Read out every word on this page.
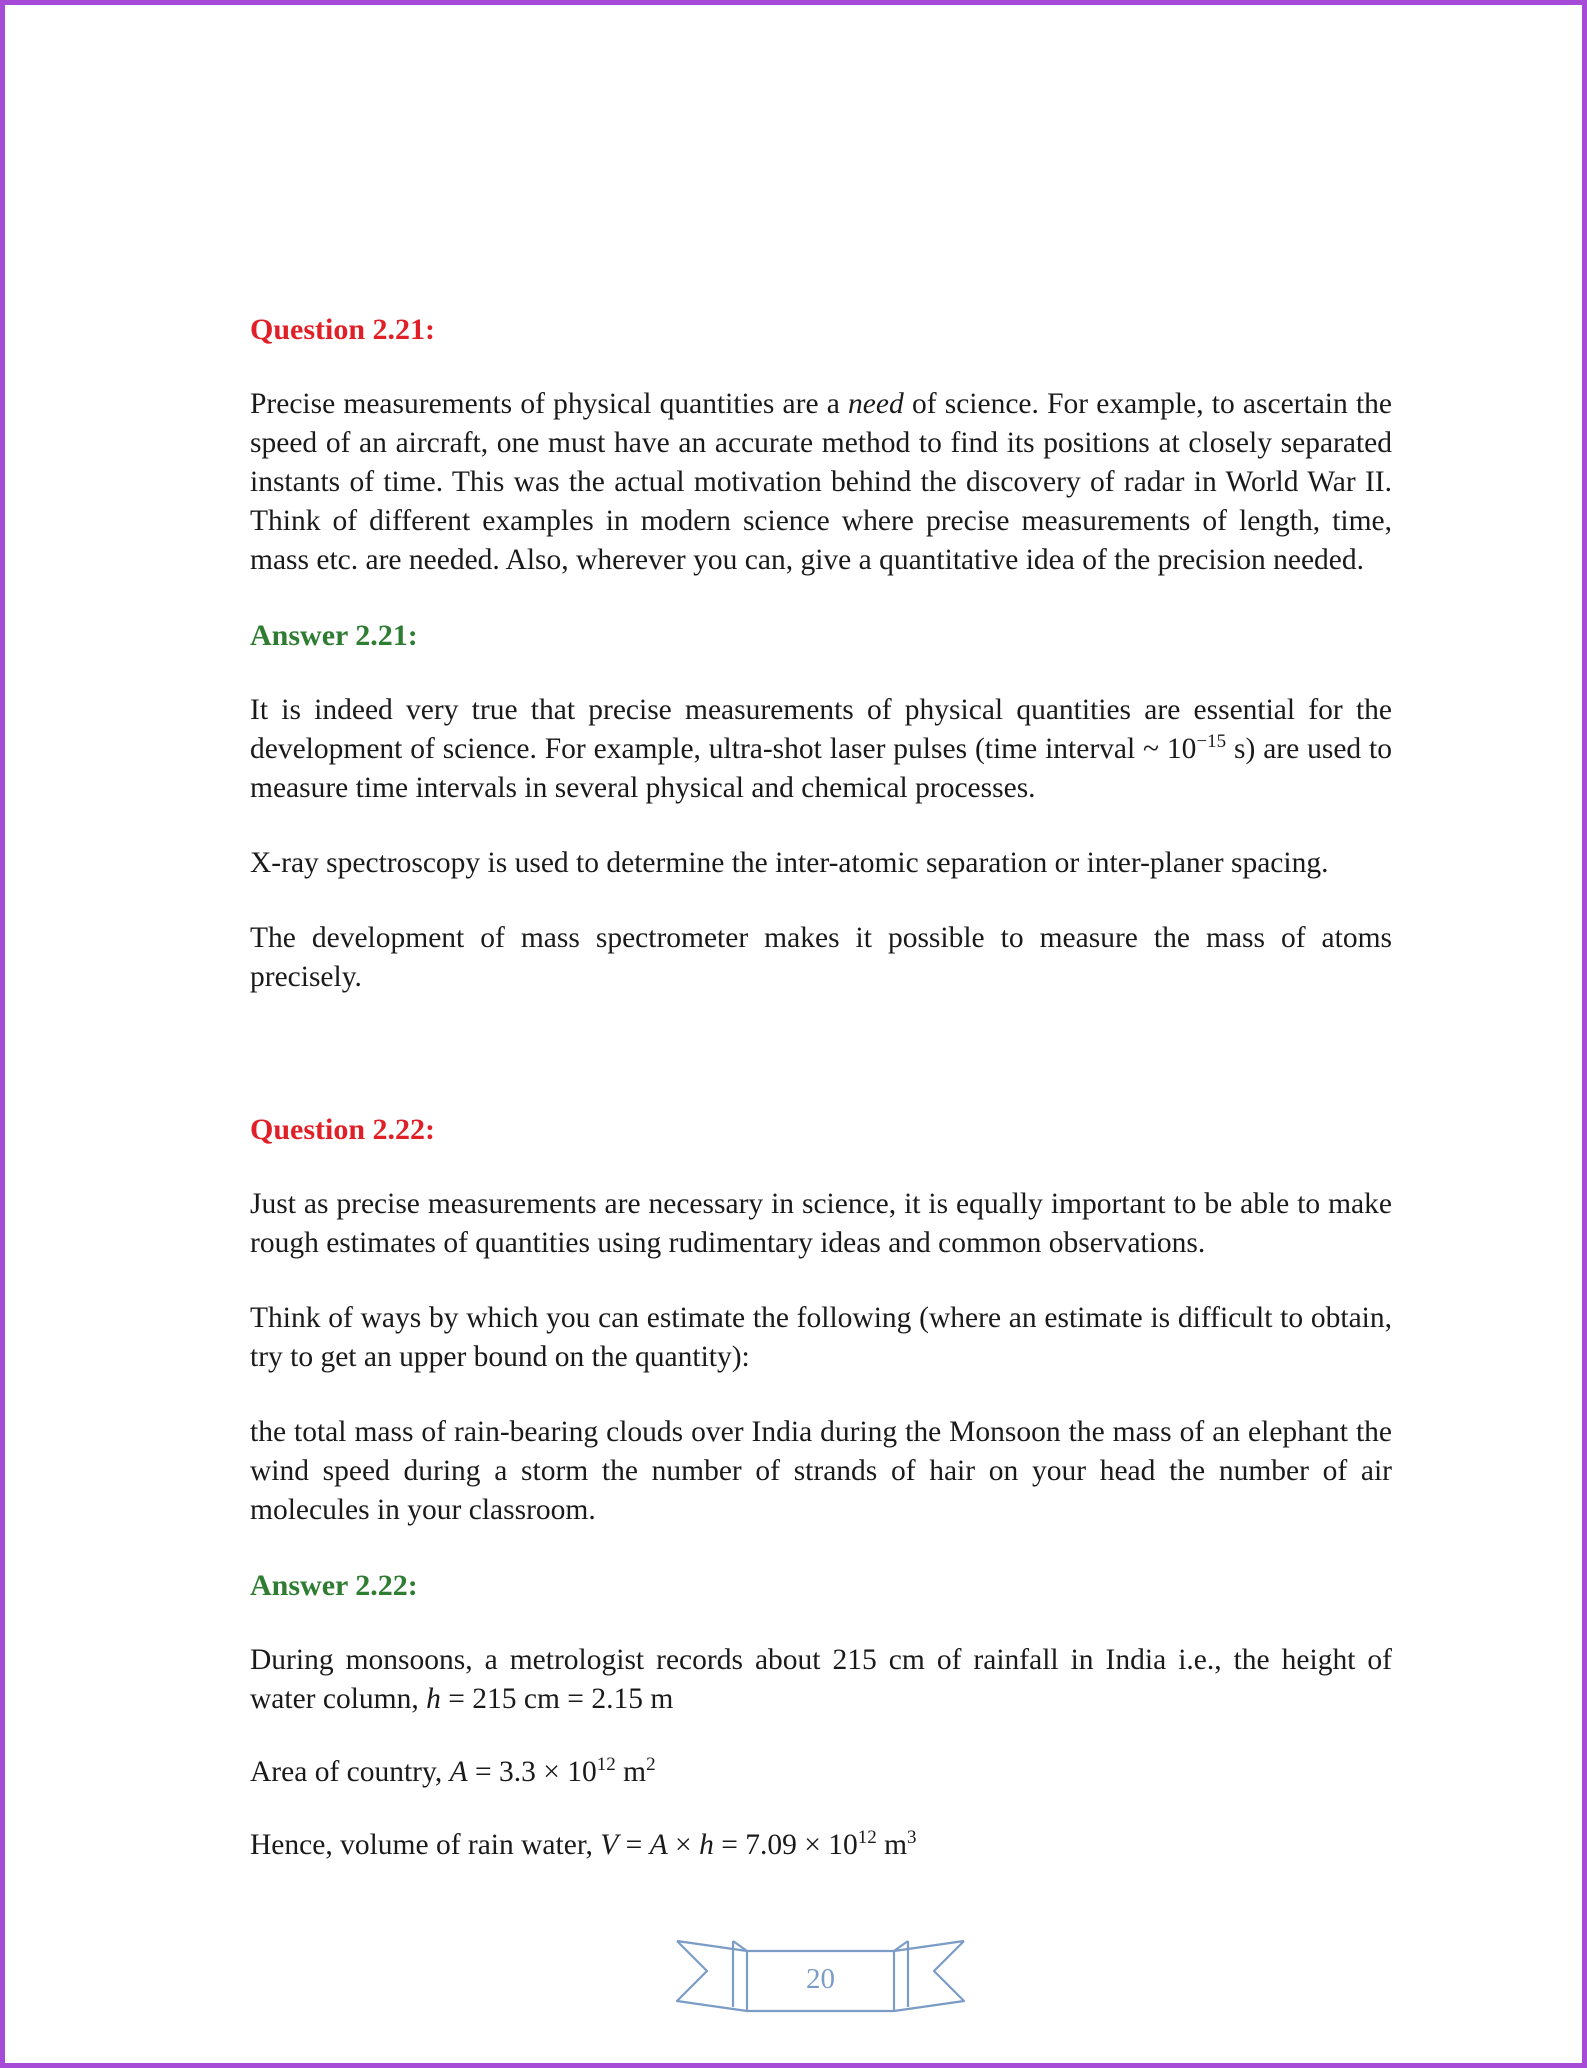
Question 2.21:

Precise measurements of physical quantities are a need of science. For example, to ascertain the speed of an aircraft, one must have an accurate method to find its positions at closely separated instants of time. This was the actual motivation behind the discovery of radar in World War II. Think of different examples in modern science where precise measurements of length, time, mass etc. are needed. Also, wherever you can, give a quantitative idea of the precision needed.

Answer 2.21:

It is indeed very true that precise measurements of physical quantities are essential for the development of science. For example, ultra-shot laser pulses (time interval ~ $10^{-15}$ s) are used to measure time intervals in several physical and chemical processes.

X-ray spectroscopy is used to determine the inter-atomic separation or inter-planer spacing.

The development of mass spectrometer makes it possible to measure the mass of atoms precisely.

Question 2.22:

Just as precise measurements are necessary in science, it is equally important to be able to make rough estimates of quantities using rudimentary ideas and common observations.

Think of ways by which you can estimate the following (where an estimate is difficult to obtain, try to get an upper bound on the quantity):

the total mass of rain-bearing clouds over India during the Monsoon the mass of an elephant the wind speed during a storm the number of strands of hair on your head the number of air molecules in your classroom.

Answer 2.22:

During monsoons, a metrologist records about 215 cm of rainfall in India i.e., the height of water column, h = 215 cm = 2.15 m

Area of country, $A = 3.3 \times 10^{12}$ $m^2$

Hence, volume of rain water, $V = A \times h = 7.09 \times 10^{12}$ $m^3$

20
